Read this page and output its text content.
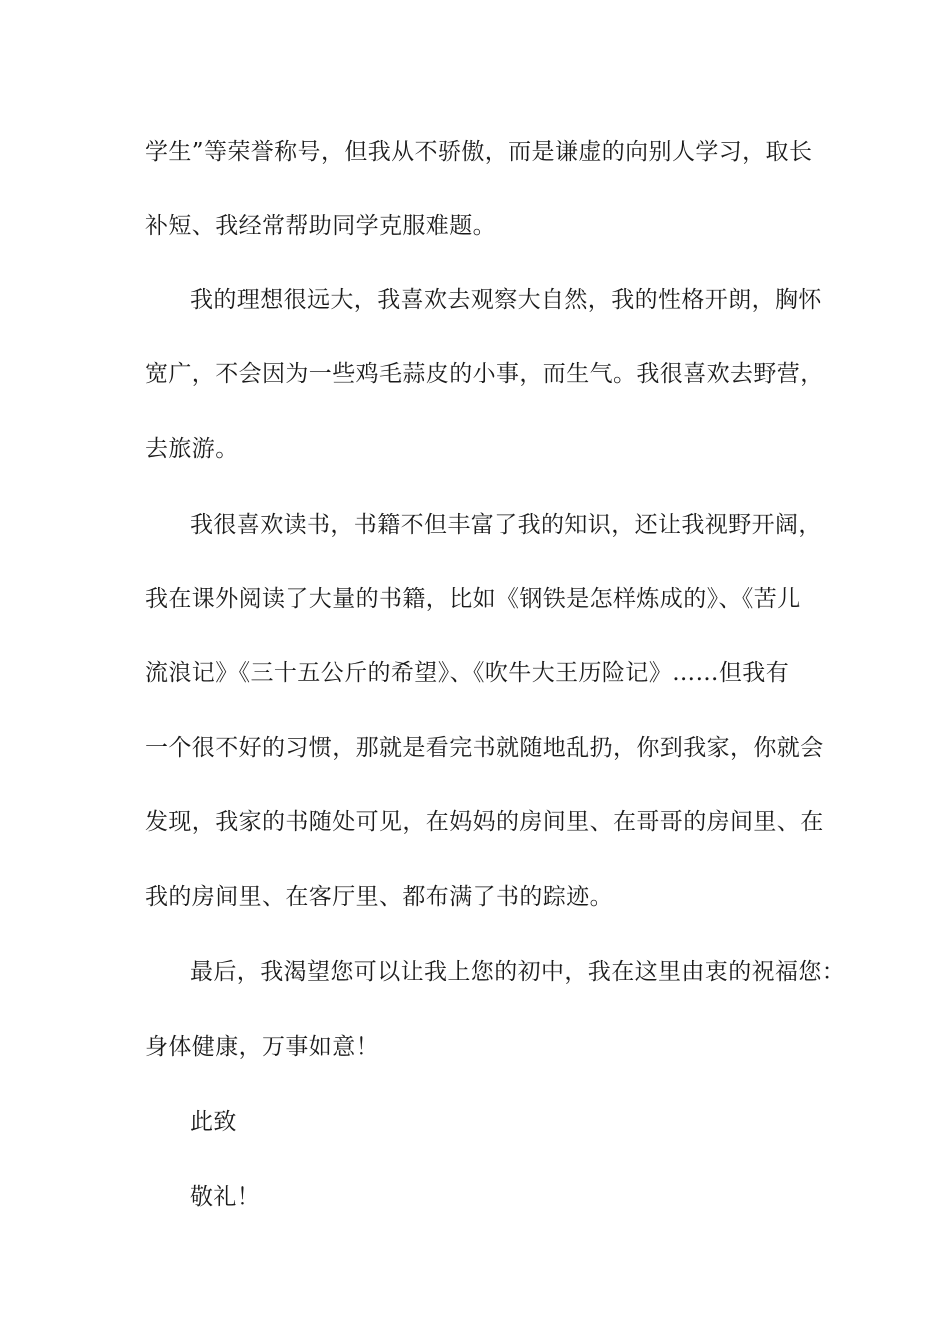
学生”等荣誉称号，但我从不骄傲，而是谦虚的向别人学习，取长
补短、我经常帮助同学克服难题。
我的理想很远大，我喜欢去观察大自然，我的性格开朗，胸怀
宽广，不会因为一些鸡毛蒜皮的小事，而生气。我很喜欢去野营，
去旅游。
我很喜欢读书，书籍不但丰富了我的知识，还让我视野开阔，
我在课外阅读了大量的书籍，比如《钢铁是怎样炼成的》、《苦儿
流浪记》《三十五公斤的希望》、《吹牛大王历险记》……但我有
一个很不好的习惯，那就是看完书就随地乱扔，你到我家，你就会
发现，我家的书随处可见，在妈妈的房间里、在哥哥的房间里、在
我的房间里、在客厅里、都布满了书的踪迹。
最后，我渴望您可以让我上您的初中，我在这里由衷的祝福您：
身体健康，万事如意！
此致
敬礼！
